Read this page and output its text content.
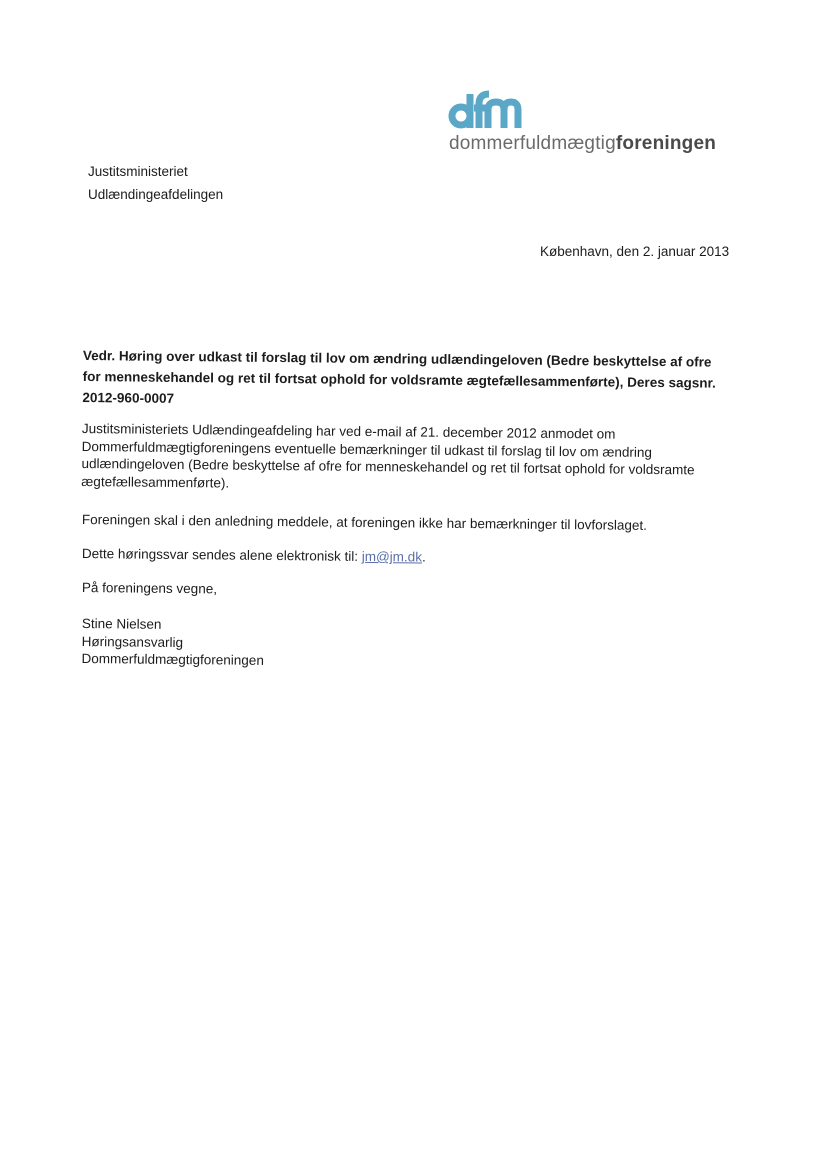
dommerfuldmægtigforeningen
Justitsministeriet
Udlændingeafdelingen
København, den 2. januar 2013
Vedr. Høring over udkast til forslag til lov om ændring udlændingeloven (Bedre beskyttelse af ofre for menneskehandel og ret til fortsat ophold for voldsramte ægtefællesammenførte), Deres sagsnr. 2012-960-0007
Justitsministeriets Udlændingeafdeling har ved e-mail af 21. december 2012 anmodet om Dommerfuldmægtigforeningens eventuelle bemærkninger til udkast til forslag til lov om ændring udlændingeloven (Bedre beskyttelse af ofre for menneskehandel og ret til fortsat ophold for voldsramte ægtefællesammenførte).
Foreningen skal i den anledning meddele, at foreningen ikke har bemærkninger til lovforslaget.
Dette høringssvar sendes alene elektronisk til: jm@jm.dk.
På foreningens vegne,
Stine Nielsen
Høringsansvarlig
Dommerfuldmægtigforeningen
